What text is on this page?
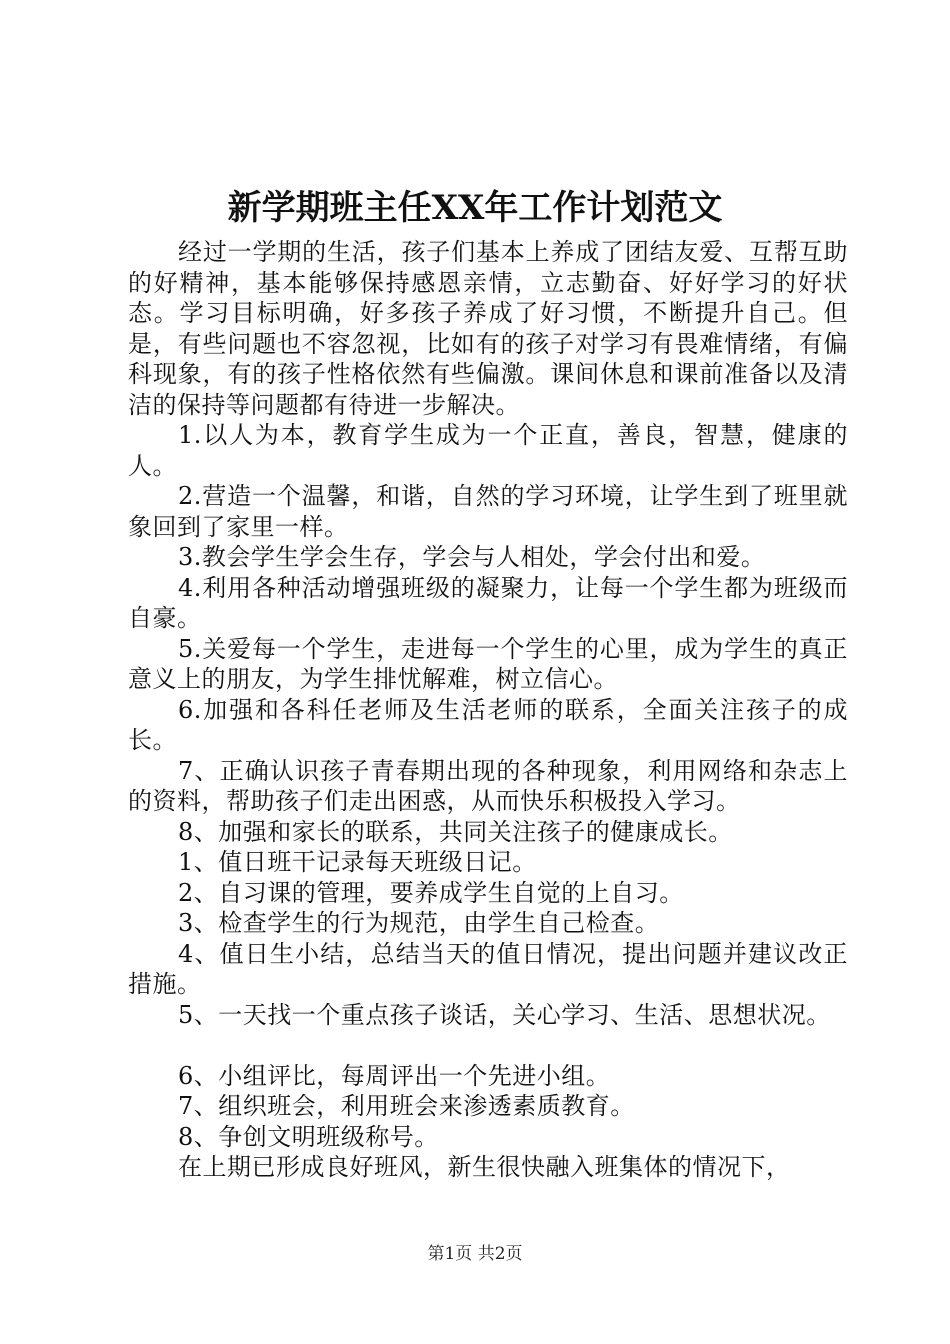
新学期班主任XX年工作计划范文

经过一学期的生活，孩子们基本上养成了团结友爱、互帮互助的好精神，基本能够保持感恩亲情，立志勤奋、好好学习的好状态。学习目标明确，好多孩子养成了好习惯，不断提升自己。但是，有些问题也不容忽视，比如有的孩子对学习有畏难情绪，有偏科现象，有的孩子性格依然有些偏激。课间休息和课前准备以及清洁的保持等问题都有待进一步解决。

1.以人为本，教育学生成为一个正直，善良，智慧，健康的人。

2.营造一个温馨，和谐，自然的学习环境，让学生到了班里就象回到了家里一样。

3.教会学生学会生存，学会与人相处，学会付出和爱。

4.利用各种活动增强班级的凝聚力，让每一个学生都为班级而自豪。

5.关爱每一个学生，走进每一个学生的心里，成为学生的真正意义上的朋友，为学生排忧解难，树立信心。

6.加强和各科任老师及生活老师的联系，全面关注孩子的成长。

7、正确认识孩子青春期出现的各种现象，利用网络和杂志上的资料，帮助孩子们走出困惑，从而快乐积极投入学习。

8、加强和家长的联系，共同关注孩子的健康成长。

1、值日班干记录每天班级日记。

2、自习课的管理，要养成学生自觉的上自习。

3、检查学生的行为规范，由学生自己检查。

4、值日生小结，总结当天的值日情况，提出问题并建议改正措施。

5、一天找一个重点孩子谈话，关心学习、生活、思想状况。

6、小组评比，每周评出一个先进小组。

7、组织班会，利用班会来渗透素质教育。

8、争创文明班级称号。

在上期已形成良好班风，新生很快融入班集体的情况下，

第1页 共2页
